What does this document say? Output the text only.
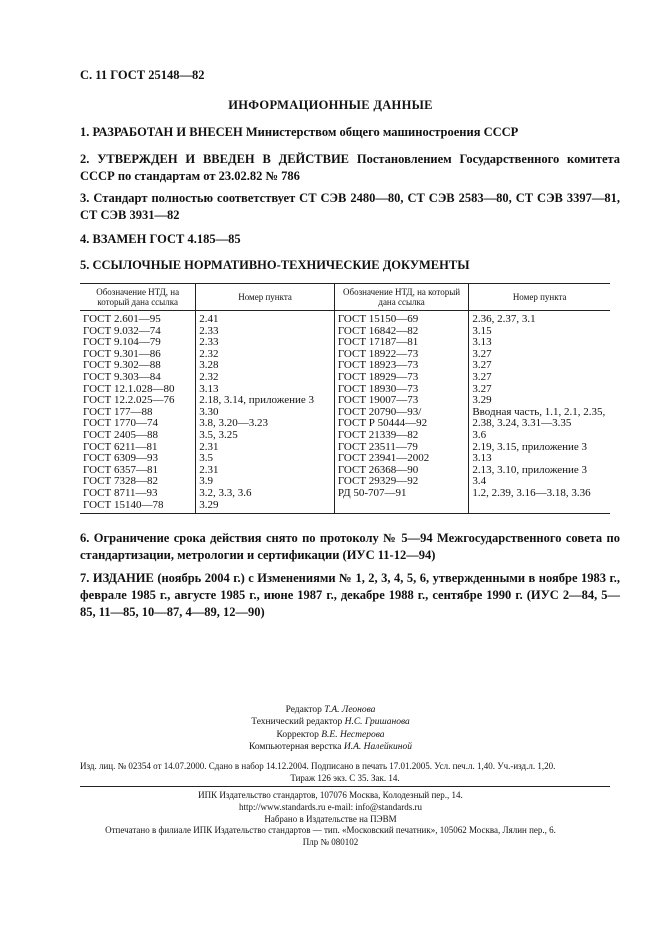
С. 11 ГОСТ 25148—82
ИНФОРМАЦИОННЫЕ ДАННЫЕ
1. РАЗРАБОТАН И ВНЕСЕН Министерством общего машиностроения СССР
2. УТВЕРЖДЕН И ВВЕДЕН В ДЕЙСТВИЕ Постановлением Государственного комитета СССР по стандартам от 23.02.82 № 786
3. Стандарт полностью соответствует СТ СЭВ 2480—80, СТ СЭВ 2583—80, СТ СЭВ 3397—81, СТ СЭВ 3931—82
4. ВЗАМЕН ГОСТ 4.185—85
5. ССЫЛОЧНЫЕ НОРМАТИВНО-ТЕХНИЧЕСКИЕ ДОКУМЕНТЫ
Обозначение НТД, на который дана ссылка	Номер пункта	Обозначение НТД, на который дана ссылка	Номер пункта
ГОСТ 2.601—95	2.41	ГОСТ 15150—69	2.36, 2.37, 3.1
ГОСТ 9.032—74	2.33	ГОСТ 16842—82	3.15
ГОСТ 9.104—79	2.33	ГОСТ 17187—81	3.13
ГОСТ 9.301—86	2.32	ГОСТ 18922—73	3.27
ГОСТ 9.302—88	3.28	ГОСТ 18923—73	3.27
ГОСТ 9.303—84	2.32	ГОСТ 18929—73	3.27
ГОСТ 12.1.028—80	3.13	ГОСТ 18930—73	3.27
ГОСТ 12.2.025—76	2.18, 3.14, приложение 3	ГОСТ 19007—73	3.29
ГОСТ 177—88	3.30	ГОСТ 20790—93/	Вводная часть, 1.1, 2.1, 2.35,
ГОСТ 1770—74	3.8, 3.20—3.23	ГОСТ Р 50444—92	2.38, 3.24, 3.31—3.35
ГОСТ 2405—88	3.5, 3.25	ГОСТ 21339—82	3.6
ГОСТ 6211—81	2.31	ГОСТ 23511—79	2.19, 3.15, приложение 3
ГОСТ 6309—93	3.5	ГОСТ 23941—2002	3.13
ГОСТ 6357—81	2.31	ГОСТ 26368—90	2.13, 3.10, приложение 3
ГОСТ 7328—82	3.9	ГОСТ 29329—92	3.4
ГОСТ 8711—93	3.2, 3.3, 3.6	РД 50-707—91	1.2, 2.39, 3.16—3.18, 3.36
ГОСТ 15140—78	3.29		
6. Ограничение срока действия снято по протоколу № 5—94 Межгосударственного совета по стандартизации, метрологии и сертификации (ИУС 11-12—94)
7. ИЗДАНИЕ (ноябрь 2004 г.) с Изменениями № 1, 2, 3, 4, 5, 6, утвержденными в ноябре 1983 г., феврале 1985 г., августе 1985 г., июне 1987 г., декабре 1988 г., сентябре 1990 г. (ИУС 2—84, 5—85, 11—85, 10—87, 4—89, 12—90)
Редактор Т.А. Леонова
Технический редактор Н.С. Гришанова
Корректор В.Е. Нестерова
Компьютерная верстка И.А. Налейкиной
Изд. лиц. № 02354 от 14.07.2000. Сдано в набор 14.12.2004. Подписано в печать 17.01.2005. Усл. печ.л. 1,40. Уч.-изд.л. 1,20.
Тираж 126 экз. С 35. Зак. 14.
ИПК Издательство стандартов, 107076 Москва, Колодезный пер., 14.
http://www.standards.ru e-mail: info@standards.ru
Набрано в Издательстве на ПЭВМ
Отпечатано в филиале ИПК Издательство стандартов — тип. «Московский печатник», 105062 Москва, Лялин пер., 6.
Плр № 080102
